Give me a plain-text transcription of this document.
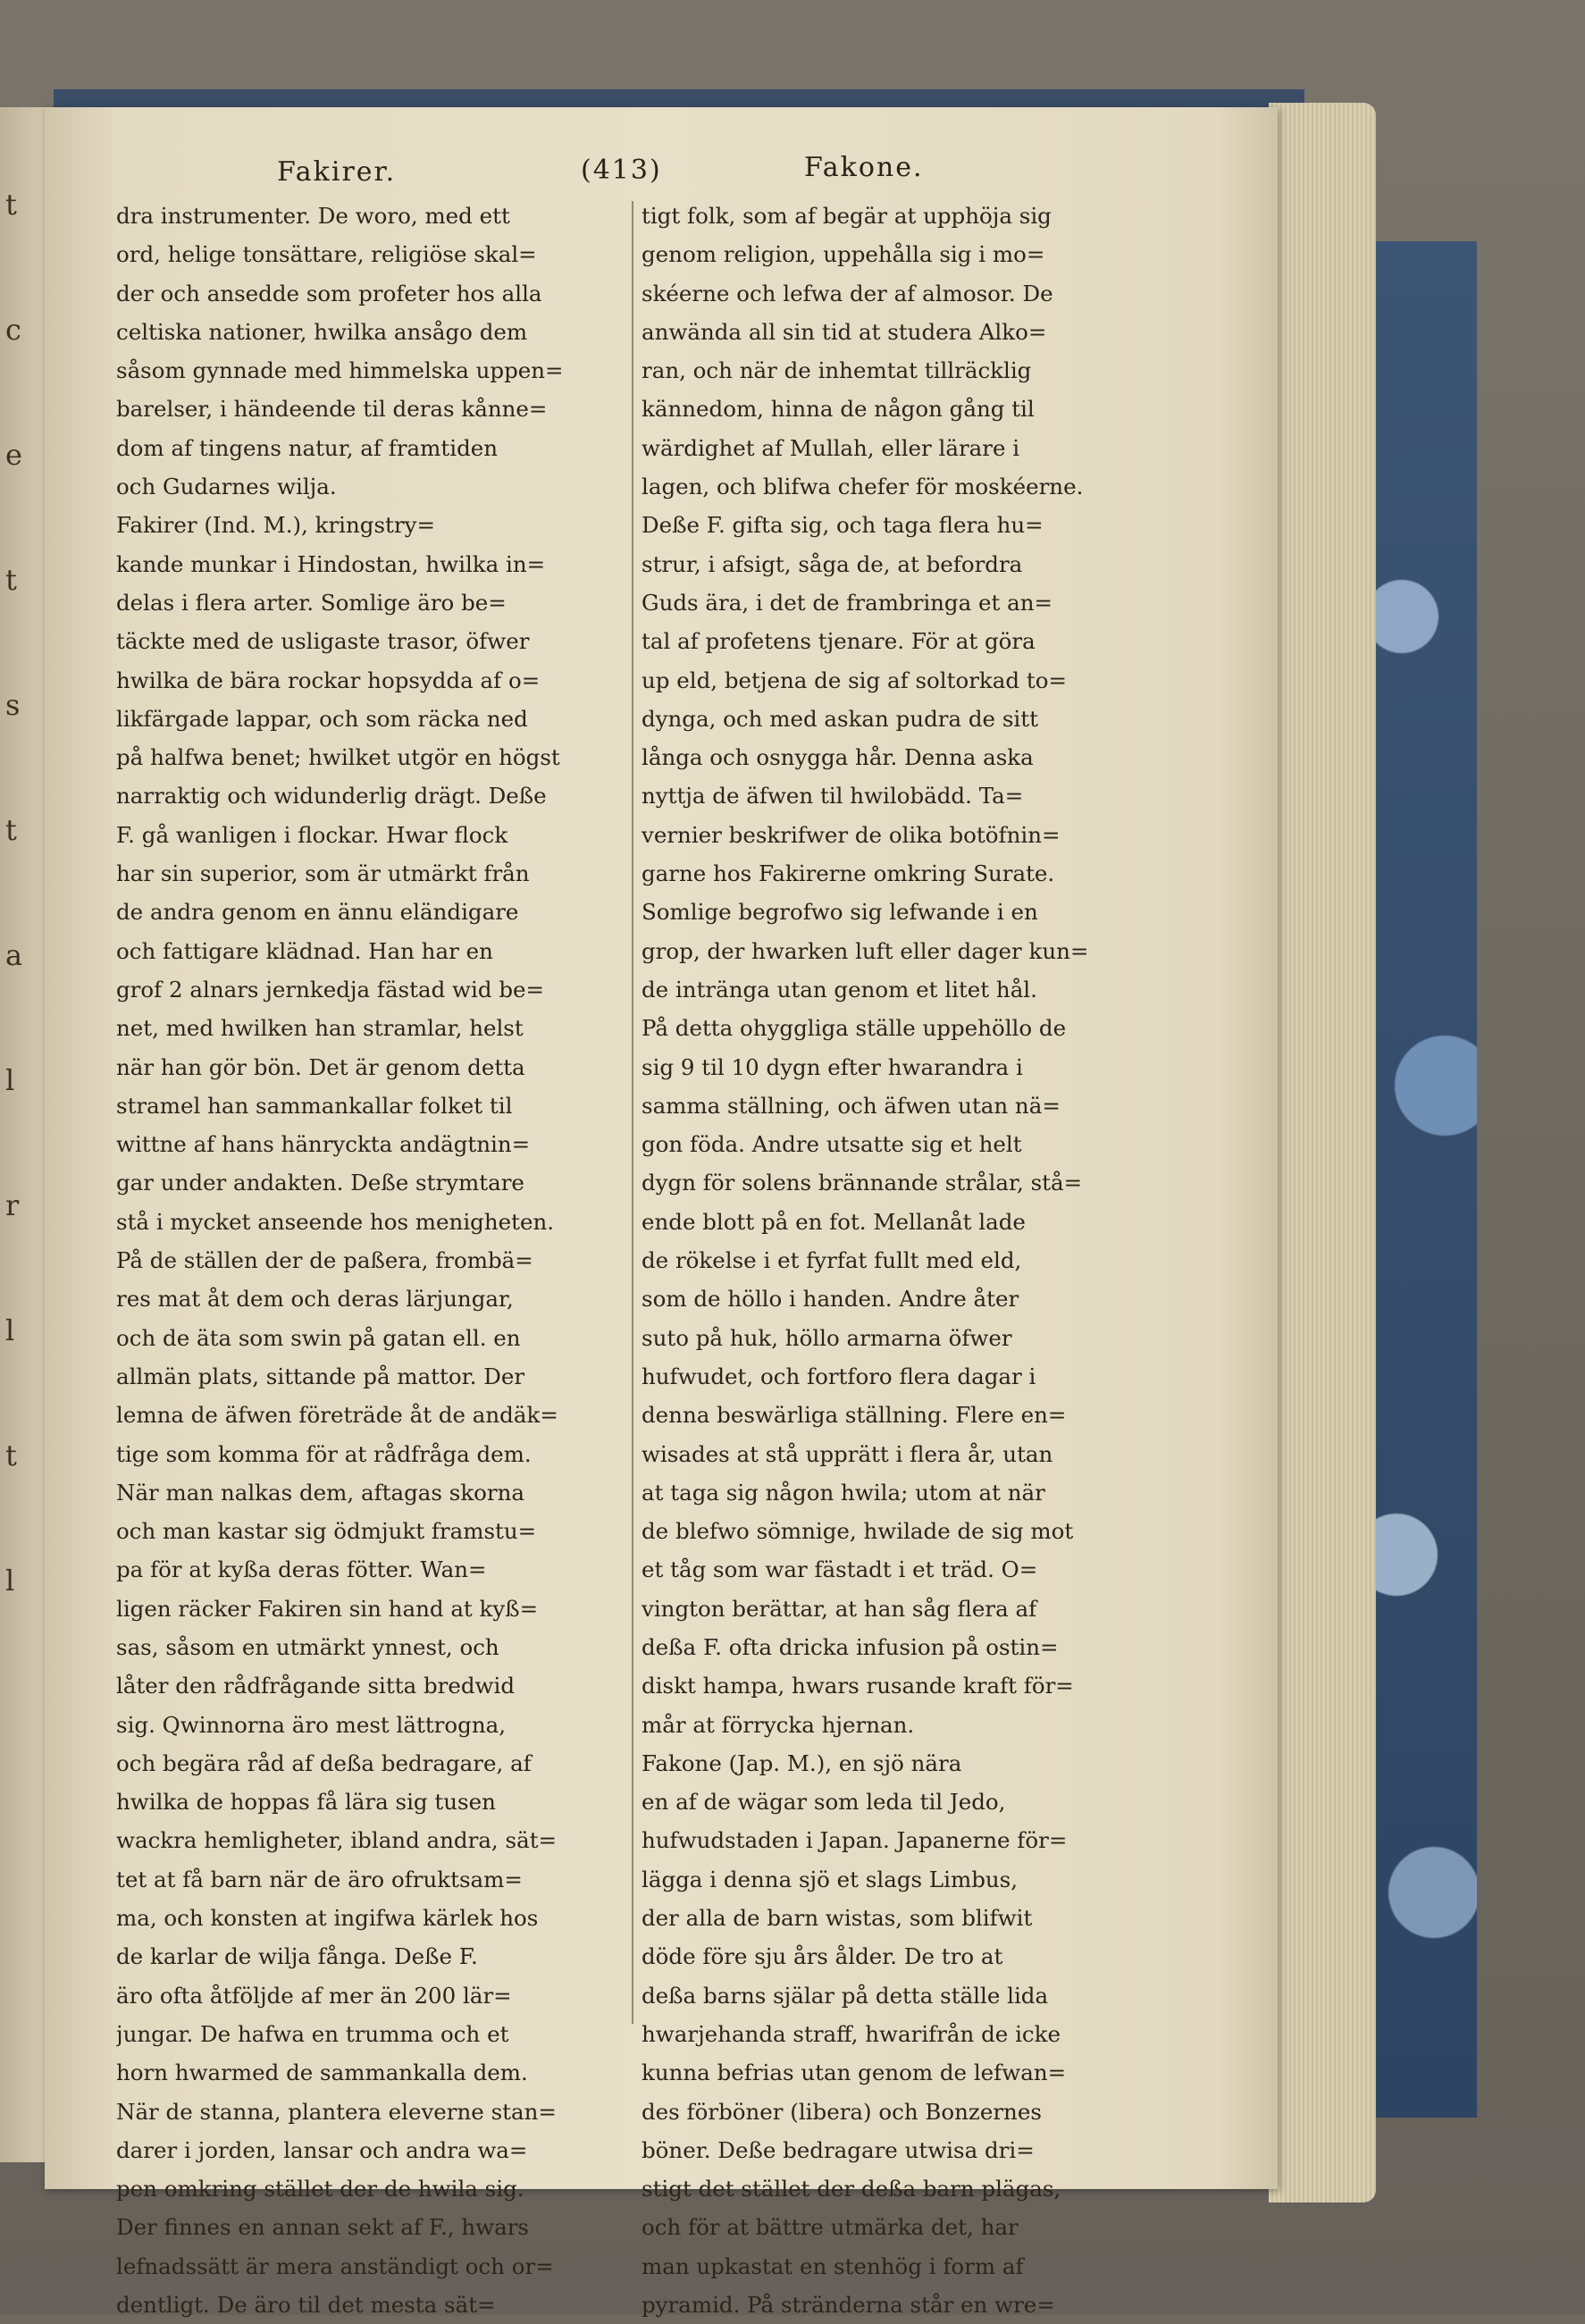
t
c
e
t
s
t
a
l
r
l
t
l
Fakirer.	(413)	Fakone.
dra instrumenter. De woro, med ett
ord, helige tonsättare, religiöse skal=
der och ansedde som profeter hos alla
celtiska nationer, hwilka ansågo dem
såsom gynnade med himmelska uppen=
barelser, i händeende til deras kånne=
dom af tingens natur, af framtiden
och Gudarnes wilja.
Fakirer (Ind. M.), kringstry=
kande munkar i Hindostan, hwilka in=
delas i flera arter. Somlige äro be=
täckte med de usligaste trasor, öfwer
hwilka de bära rockar hopsydda af o=
likfärgade lappar, och som räcka ned
på halfwa benet; hwilket utgör en högst
narraktig och widunderlig drägt. Deße
F. gå wanligen i flockar. Hwar flock
har sin superior, som är utmärkt från
de andra genom en ännu eländigare
och fattigare klädnad. Han har en
grof 2 alnars jernkedja fästad wid be=
net, med hwilken han stramlar, helst
när han gör bön. Det är genom detta
stramel han sammankallar folket til
wittne af hans hänryckta andägtnin=
gar under andakten. Deße strymtare
stå i mycket anseende hos menigheten.
På de ställen der de paßera, frombä=
res mat åt dem och deras lärjungar,
och de äta som swin på gatan ell. en
allmän plats, sittande på mattor. Der
lemna de äfwen företräde åt de andäk=
tige som komma för at rådfråga dem.
När man nalkas dem, aftagas skorna
och man kastar sig ödmjukt framstu=
pa för at kyßa deras fötter. Wan=
ligen räcker Fakiren sin hand at kyß=
sas, såsom en utmärkt ynnest, och
låter den rådfrågande sitta bredwid
sig. Qwinnorna äro mest lättrogna,
och begära råd af deßa bedragare, af
hwilka de hoppas få lära sig tusen
wackra hemligheter, ibland andra, sät=
tet at få barn när de äro ofruktsam=
ma, och konsten at ingifwa kärlek hos
de karlar de wilja fånga. Deße F.
äro ofta åtföljde af mer än 200 lär=
jungar. De hafwa en trumma och et
horn hwarmed de sammankalla dem.
När de stanna, plantera eleverne stan=
darer i jorden, lansar och andra wa=
pen omkring stället der de hwila sig.
Der finnes en annan sekt af F., hwars
lefnadssätt är mera anständigt och or=
dentligt. De äro til det mesta sät=
tigt folk, som af begär at upphöja sig
genom religion, uppehålla sig i mo=
skéerne och lefwa der af almosor. De
anwända all sin tid at studera Alko=
ran, och när de inhemtat tillräcklig
kännedom, hinna de någon gång til
wärdighet af Mullah, eller lärare i
lagen, och blifwa chefer för moskéerne.
Deße F. gifta sig, och taga flera hu=
strur, i afsigt, såga de, at befordra
Guds ära, i det de frambringa et an=
tal af profetens tjenare. För at göra
up eld, betjena de sig af soltorkad to=
dynga, och med askan pudra de sitt
långa och osnygga hår. Denna aska
nyttja de äfwen til hwilobädd. Ta=
vernier beskrifwer de olika botöfnin=
garne hos Fakirerne omkring Surate.
Somlige begrofwo sig lefwande i en
grop, der hwarken luft eller dager kun=
de intränga utan genom et litet hål.
På detta ohyggliga ställe uppehöllo de
sig 9 til 10 dygn efter hwarandra i
samma ställning, och äfwen utan nä=
gon föda. Andre utsatte sig et helt
dygn för solens brännande strålar, stå=
ende blott på en fot. Mellanåt lade
de rökelse i et fyrfat fullt med eld,
som de höllo i handen. Andre åter
suto på huk, höllo armarna öfwer
hufwudet, och fortforo flera dagar i
denna beswärliga ställning. Flere en=
wisades at stå upprätt i flera år, utan
at taga sig någon hwila; utom at när
de blefwo sömnige, hwilade de sig mot
et tåg som war fästadt i et träd. O=
vington berättar, at han såg flera af
deßa F. ofta dricka infusion på ostin=
diskt hampa, hwars rusande kraft för=
mår at förrycka hjernan.
Fakone (Jap. M.), en sjö nära
en af de wägar som leda til Jedo,
hufwudstaden i Japan. Japanerne för=
lägga i denna sjö et slags Limbus,
der alla de barn wistas, som blifwit
döde före sju års ålder. De tro at
deßa barns själar på detta ställe lida
hwarjehanda straff, hwarifrån de icke
kunna befrias utan genom de lefwan=
des förböner (libera) och Bonzernes
böner. Deße bedragare utwisa dri=
stigt det stället der deßa barn plägas,
och för at bättre utmärka det, har
man upkastat en stenhög i form af
pyramid. På stränderna står en wre=
